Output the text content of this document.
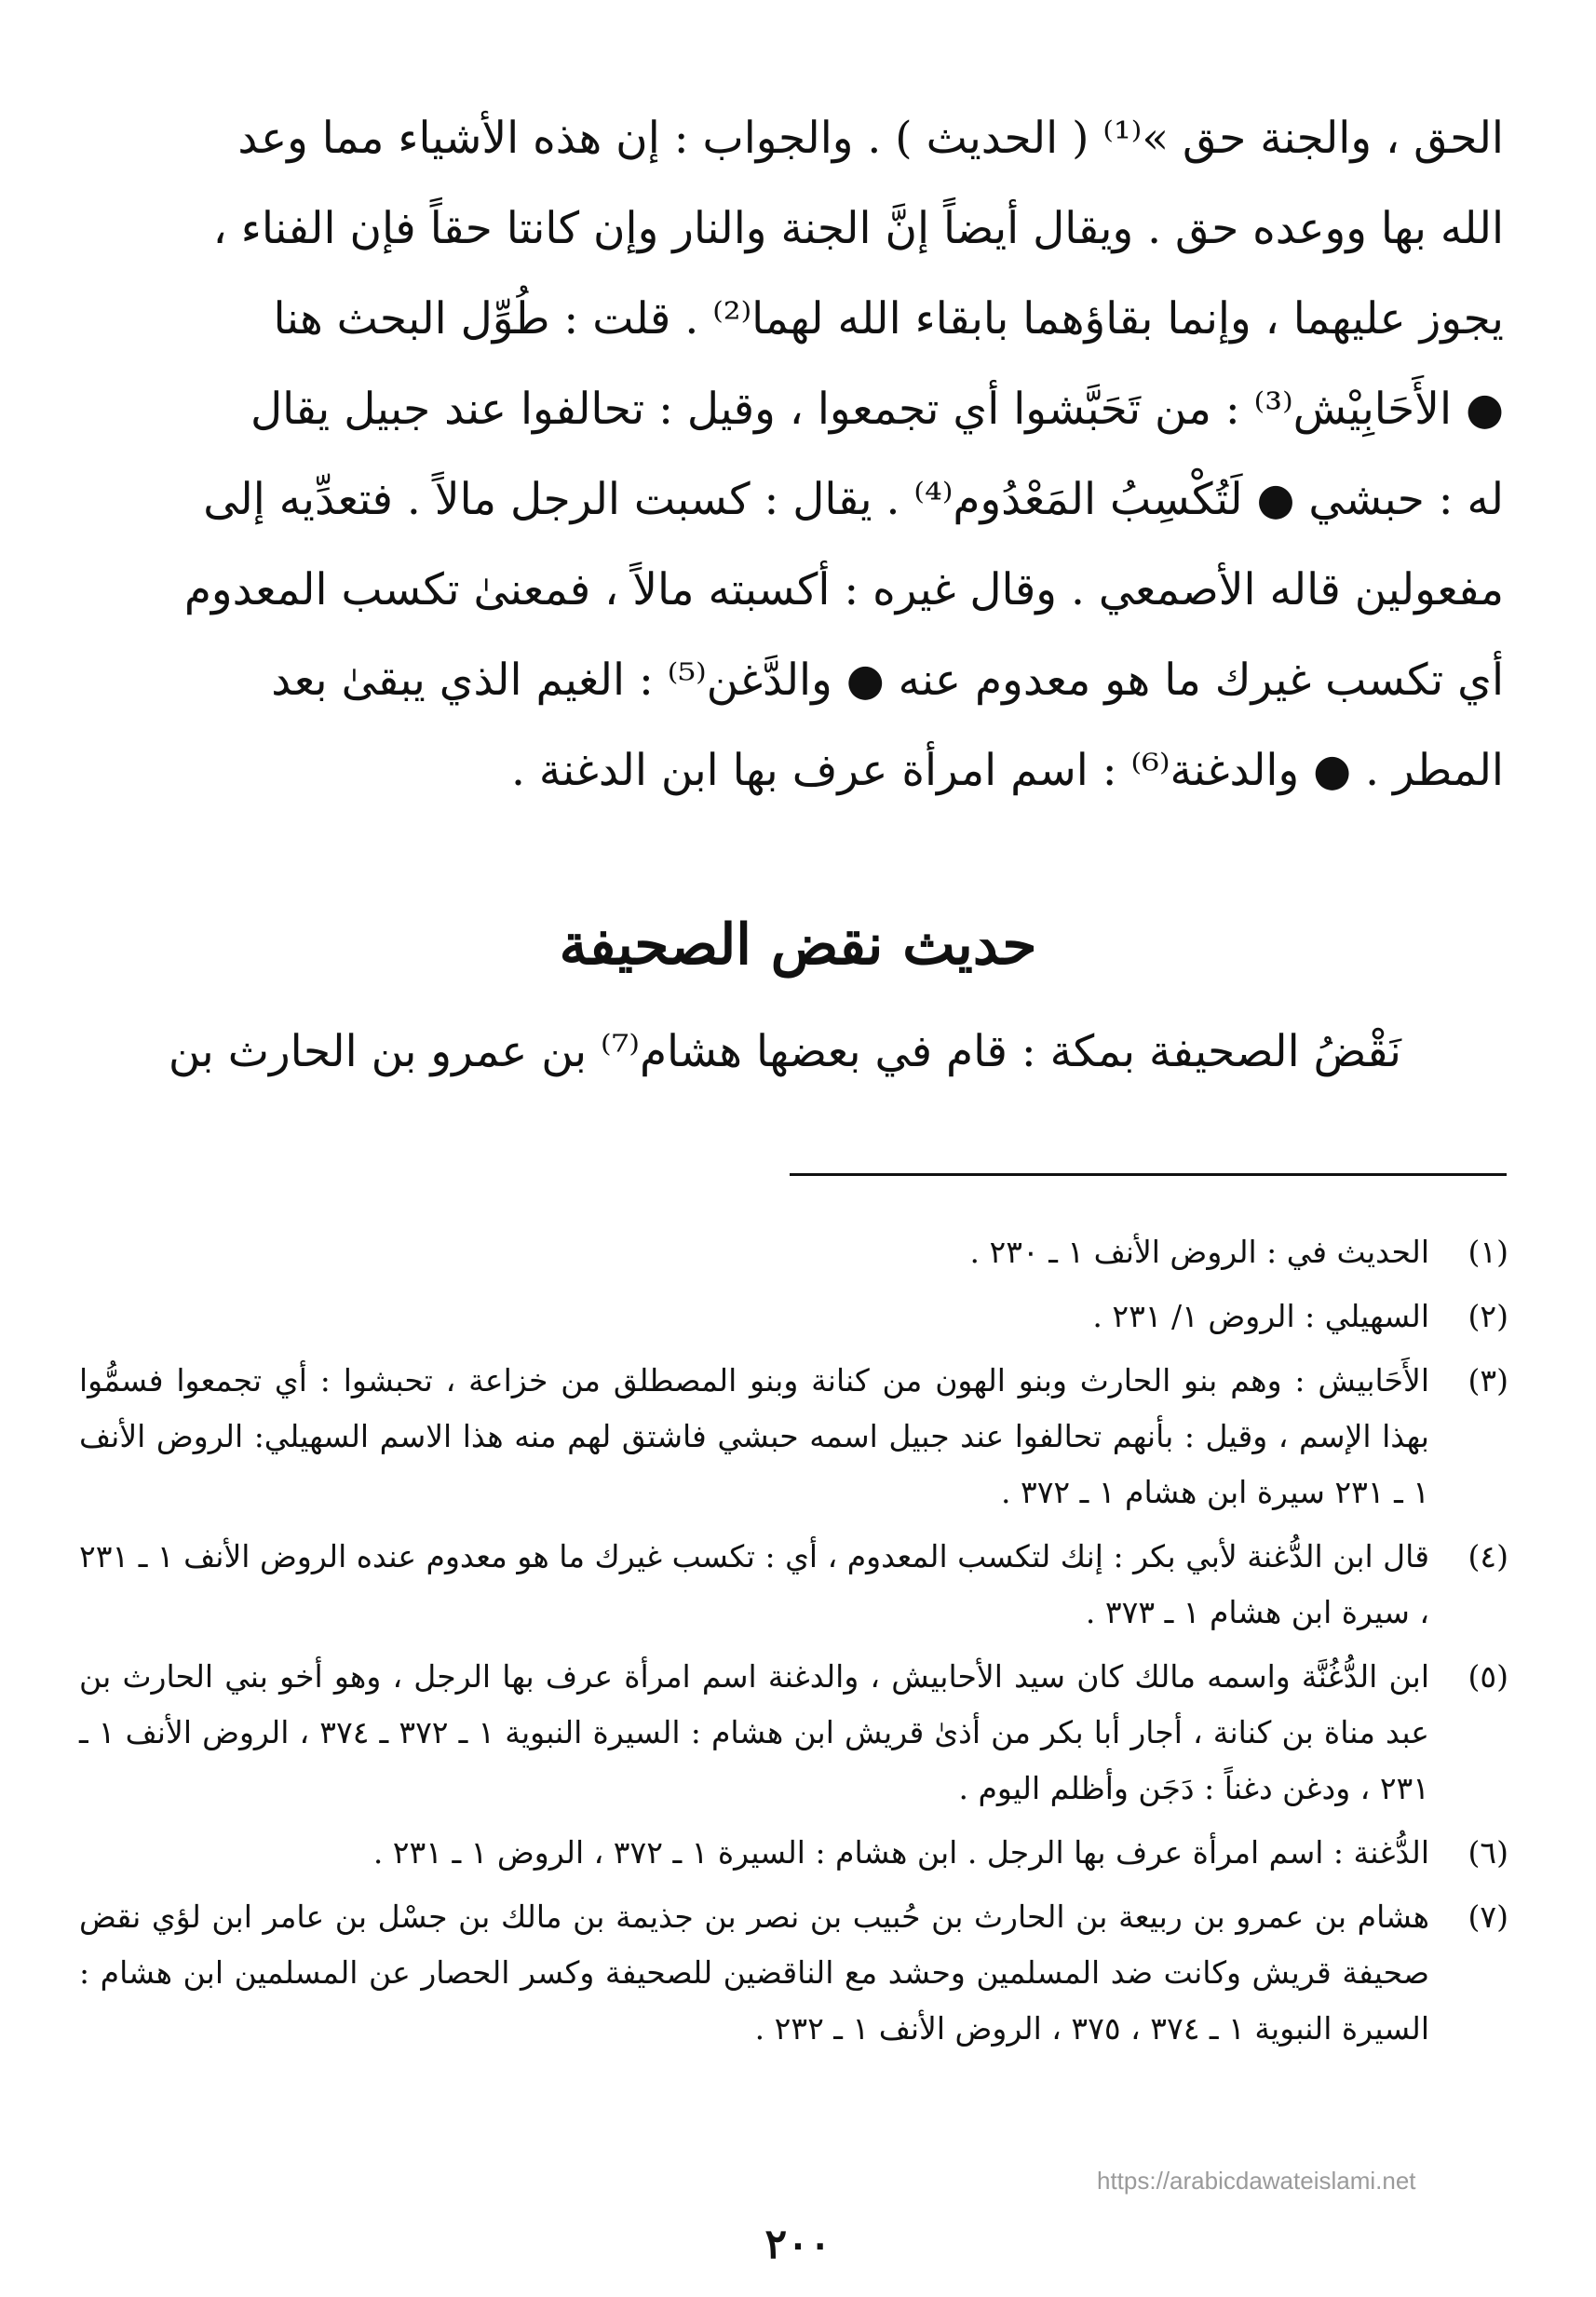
الحق ، والجنة حق »⁽¹⁾ ( الحديث ) . والجواب : إن هذه الأشياء مما وعد

الله بها ووعده حق . ويقال أيضاً إنَّ الجنة والنار وإن كانتا حقاً فإن الفناء ،

يجوز عليهما ، وإنما بقاؤهما بابقاء الله لهما⁽²⁾ . قلت : طُوِّل البحث هنا

● الأَحَابِيْش⁽³⁾ : من تَحَبَّشوا أي تجمعوا ، وقيل : تحالفوا عند جبيل يقال

له : حبشي ● لَتُكْسِبُ المَعْدُوم⁽⁴⁾ . يقال : كسبت الرجل مالاً . فتعدِّيه إلى

مفعولين قاله الأصمعي . وقال غيره : أكسبته مالاً ، فمعنىٰ تكسب المعدوم

أي تكسب غيرك ما هو معدوم عنه ● والدَّغن⁽⁵⁾ : الغيم الذي يبقىٰ بعد

المطر . ● والدغنة⁽⁶⁾ : اسم امرأة عرف بها ابن الدغنة .

حديث نقض الصحيفة
نَقْضُ الصحيفة بمكة : قام في بعضها هشام⁽⁷⁾ بن عمرو بن الحارث بن
(١)
الحديث في : الروض الأنف ١ ـ ٢٣٠ .
(٢)
السهيلي : الروض ١/ ٢٣١ .
(٣)
الأَحَابيش : وهم بنو الحارث وبنو الهون من كنانة وبنو المصطلق من خزاعة ، تحبشوا : أي تجمعوا فسمُّوا بهذا الإسم ، وقيل : بأنهم تحالفوا عند جبيل اسمه حبشي فاشتق لهم منه هذا الاسم السهيلي: الروض الأنف ١ ـ ٢٣١ سيرة ابن هشام ١ ـ ٣٧٢ .
(٤)
قال ابن الدُّغنة لأبي بكر : إنك لتكسب المعدوم ، أي : تكسب غيرك ما هو معدوم عنده الروض الأنف ١ ـ ٢٣١ ، سيرة ابن هشام ١ ـ ٣٧٣ .
(٥)
ابن الدُّغُنَّة واسمه مالك كان سيد الأحابيش ، والدغنة اسم امرأة عرف بها الرجل ، وهو أخو بني الحارث بن عبد مناة بن كنانة ، أجار أبا بكر من أذىٰ قريش ابن هشام : السيرة النبوية ١ ـ ٣٧٢ ـ ٣٧٤ ، الروض الأنف ١ ـ ٢٣١ ، ودغن دغناً : دَجَن وأظلم اليوم .
(٦)
الدُّغنة : اسم امرأة عرف بها الرجل . ابن هشام : السيرة ١ ـ ٣٧٢ ، الروض ١ ـ ٢٣١ .
(٧)
هشام بن عمرو بن ربيعة بن الحارث بن حُبيب بن نصر بن جذيمة بن مالك بن جسْل بن عامر ابن لؤي نقض صحيفة قريش وكانت ضد المسلمين وحشد مع الناقضين للصحيفة وكسر الحصار عن المسلمين ابن هشام : السيرة النبوية ١ ـ ٣٧٤ ، ٣٧٥ ، الروض الأنف ١ ـ ٢٣٢ .
https://arabicdawateislami.net
٢٠٠
